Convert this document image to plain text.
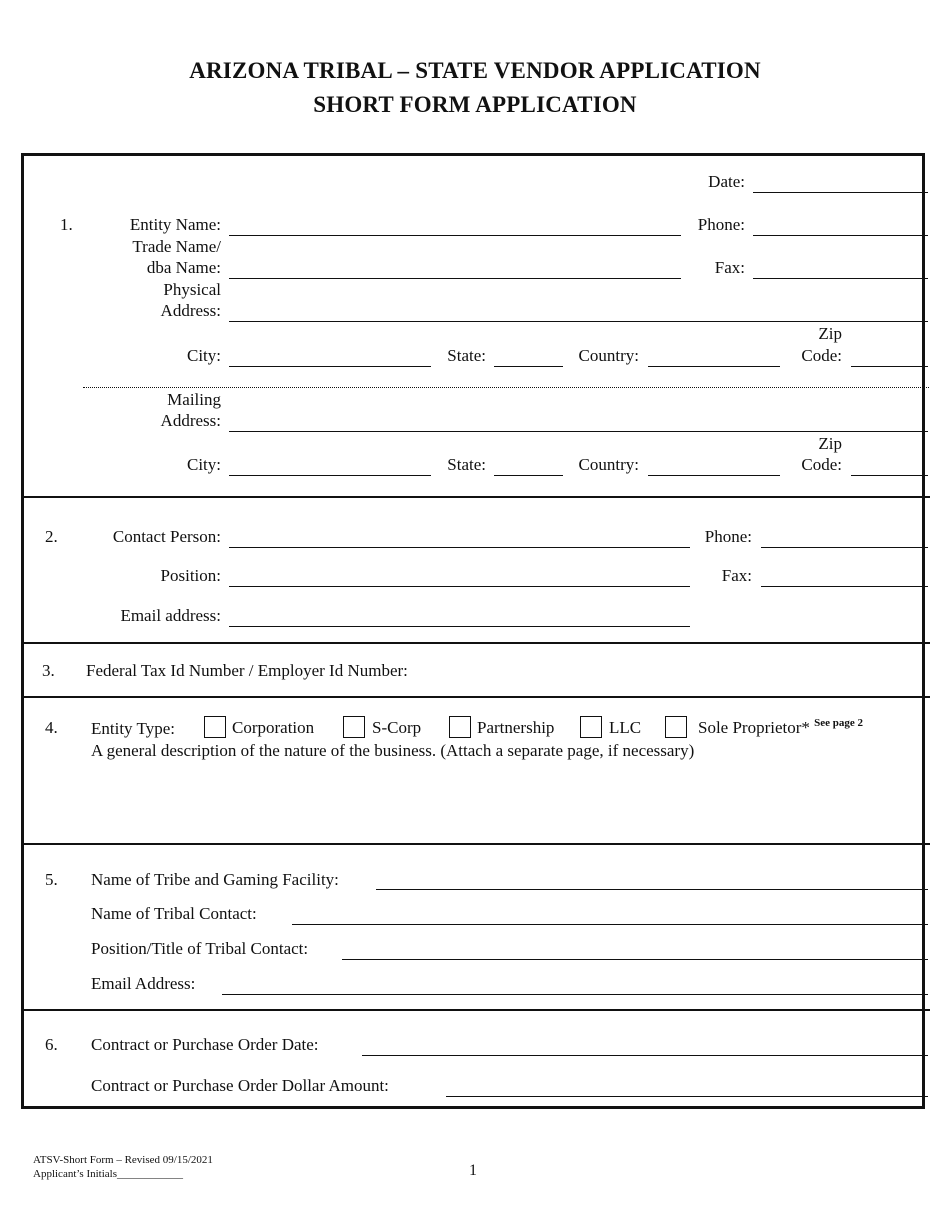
ARIZONA TRIBAL – STATE VENDOR APPLICATION
SHORT FORM APPLICATION
1.
Date:
Entity Name:	Phone:
Trade Name/
dba Name:	Fax:
Physical
Address:
City:	State:	Country:
Zip
Code:
Mailing
Address:
City:	State:	Country:
Zip
Code:
2.	Contact Person:	Phone:
Position:	Fax:
Email address:
3. Federal Tax Id Number / Employer Id Number:
4. Entity Type:	Corporation	S-Corp	Partnership	LLC	Sole Proprietor* $^{See page 2}$
A general description of the nature of the business. (Attach a separate page, if necessary)
5. Name of Tribe and Gaming Facility:
Name of Tribal Contact:
Position/Title of Tribal Contact:
Email Address:
6. Contract or Purchase Order Date:
Contract or Purchase Order Dollar Amount:
ATSV-Short Form – Revised 09/15/2021
Applicant’s Initials____________	1
